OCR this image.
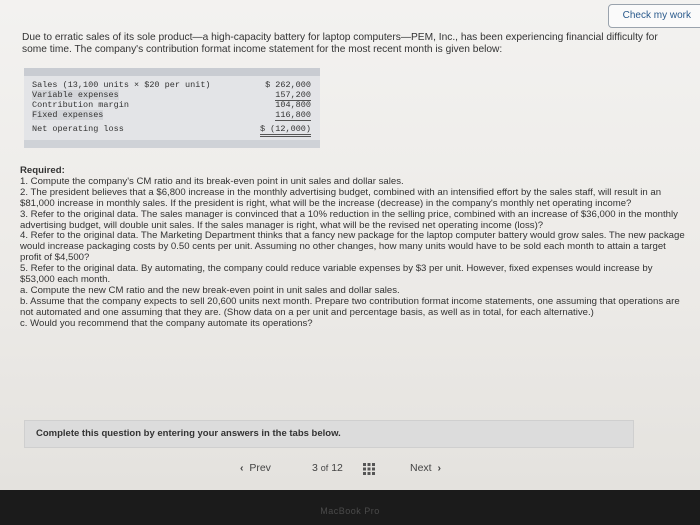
Check my work
Due to erratic sales of its sole product—a high-capacity battery for laptop computers—PEM, Inc., has been experiencing financial difficulty for some time. The company's contribution format income statement for the most recent month is given below:
Sales (13,100 units × $20 per unit)	$ 262,000
Variable expenses	157,200
Contribution margin	104,800
Fixed expenses	116,800
Net operating loss	$ (12,000)

Required:

1. Compute the company's CM ratio and its break-even point in unit sales and dollar sales.

2. The president believes that a $6,800 increase in the monthly advertising budget, combined with an intensified effort by the sales staff, will result in an $81,000 increase in monthly sales. If the president is right, what will be the increase (decrease) in the company's monthly net operating income?

3. Refer to the original data. The sales manager is convinced that a 10% reduction in the selling price, combined with an increase of $36,000 in the monthly advertising budget, will double unit sales. If the sales manager is right, what will be the revised net operating income (loss)?

4. Refer to the original data. The Marketing Department thinks that a fancy new package for the laptop computer battery would grow sales. The new package would increase packaging costs by 0.50 cents per unit. Assuming no other changes, how many units would have to be sold each month to attain a target profit of $4,500?

5. Refer to the original data. By automating, the company could reduce variable expenses by $3 per unit. However, fixed expenses would increase by $53,000 each month.

a. Compute the new CM ratio and the new break-even point in unit sales and dollar sales.

b. Assume that the company expects to sell 20,600 units next month. Prepare two contribution format income statements, one assuming that operations are not automated and one assuming that they are. (Show data on a per unit and percentage basis, as well as in total, for each alternative.)

c. Would you recommend that the company automate its operations?

Complete this question by entering your answers in the tabs below.
‹ Prev	3 of 12	Next ›
MacBook Pro
